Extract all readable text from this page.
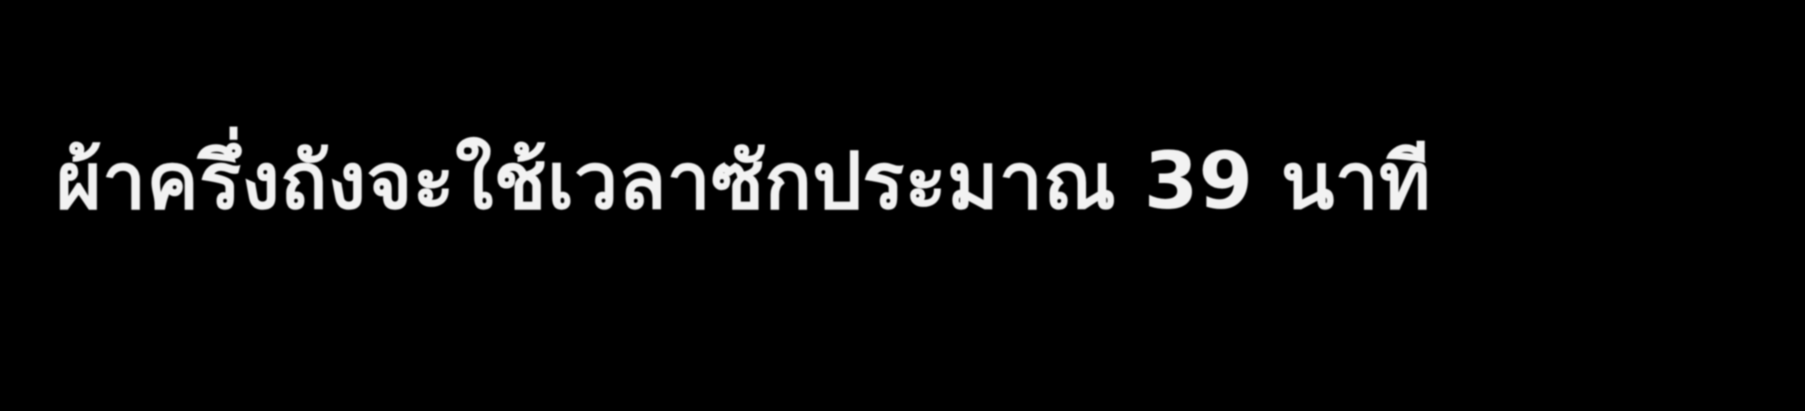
ผ้าครึ่งถังจะใช้เวลาซักประมาณ 39 นาที
